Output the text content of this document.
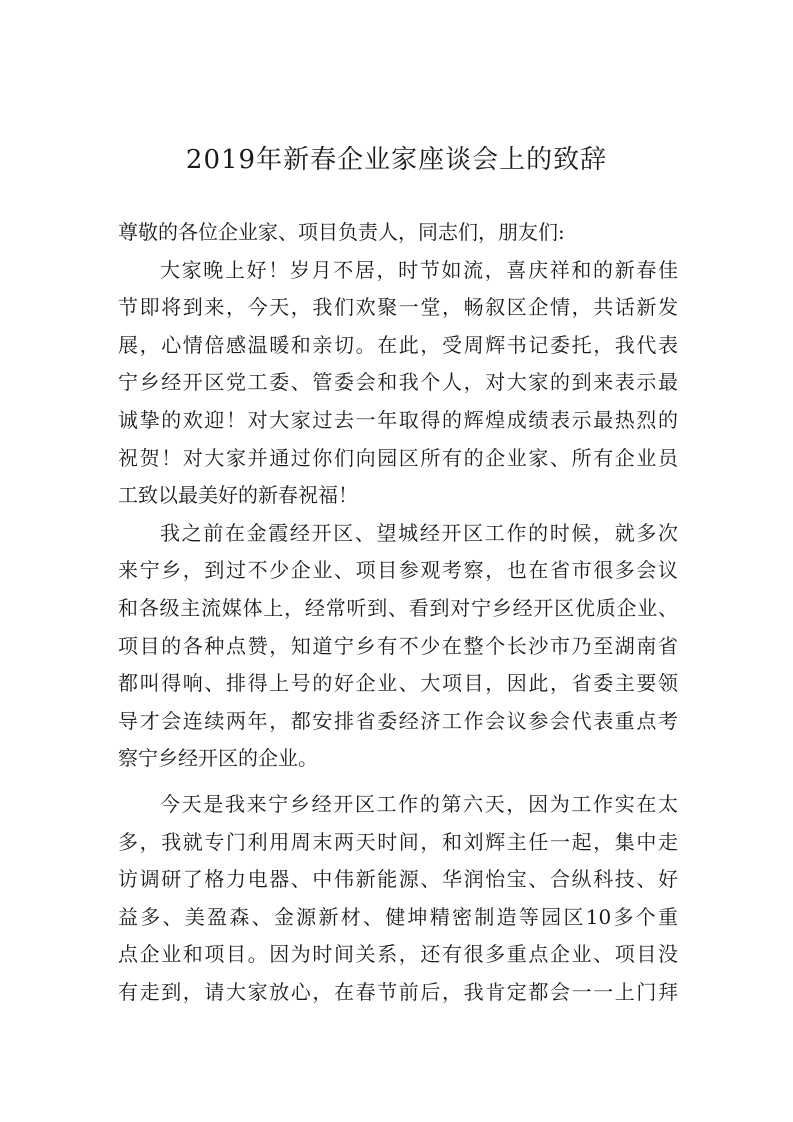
2019年新春企业家座谈会上的致辞
尊敬的各位企业家、项目负责人，同志们，朋友们:
大家晚上好！岁月不居，时节如流，喜庆祥和的新春佳
节即将到来，今天，我们欢聚一堂，畅叙区企情，共话新发
展，心情倍感温暖和亲切。在此，受周辉书记委托，我代表
宁乡经开区党工委、管委会和我个人，对大家的到来表示最
诚挚的欢迎！对大家过去一年取得的辉煌成绩表示最热烈的
祝贺！对大家并通过你们向园区所有的企业家、所有企业员
工致以最美好的新春祝福！
我之前在金霞经开区、望城经开区工作的时候，就多次
来宁乡，到过不少企业、项目参观考察，也在省市很多会议
和各级主流媒体上，经常听到、看到对宁乡经开区优质企业、
项目的各种点赞，知道宁乡有不少在整个长沙市乃至湖南省
都叫得响、排得上号的好企业、大项目，因此，省委主要领
导才会连续两年，都安排省委经济工作会议参会代表重点考
察宁乡经开区的企业。
今天是我来宁乡经开区工作的第六天，因为工作实在太
多，我就专门利用周末两天时间，和刘辉主任一起，集中走
访调研了格力电器、中伟新能源、华润怡宝、合纵科技、好
益多、美盈森、金源新材、健坤精密制造等园区10多个重
点企业和项目。因为时间关系，还有很多重点企业、项目没
有走到，请大家放心，在春节前后，我肯定都会一一上门拜
